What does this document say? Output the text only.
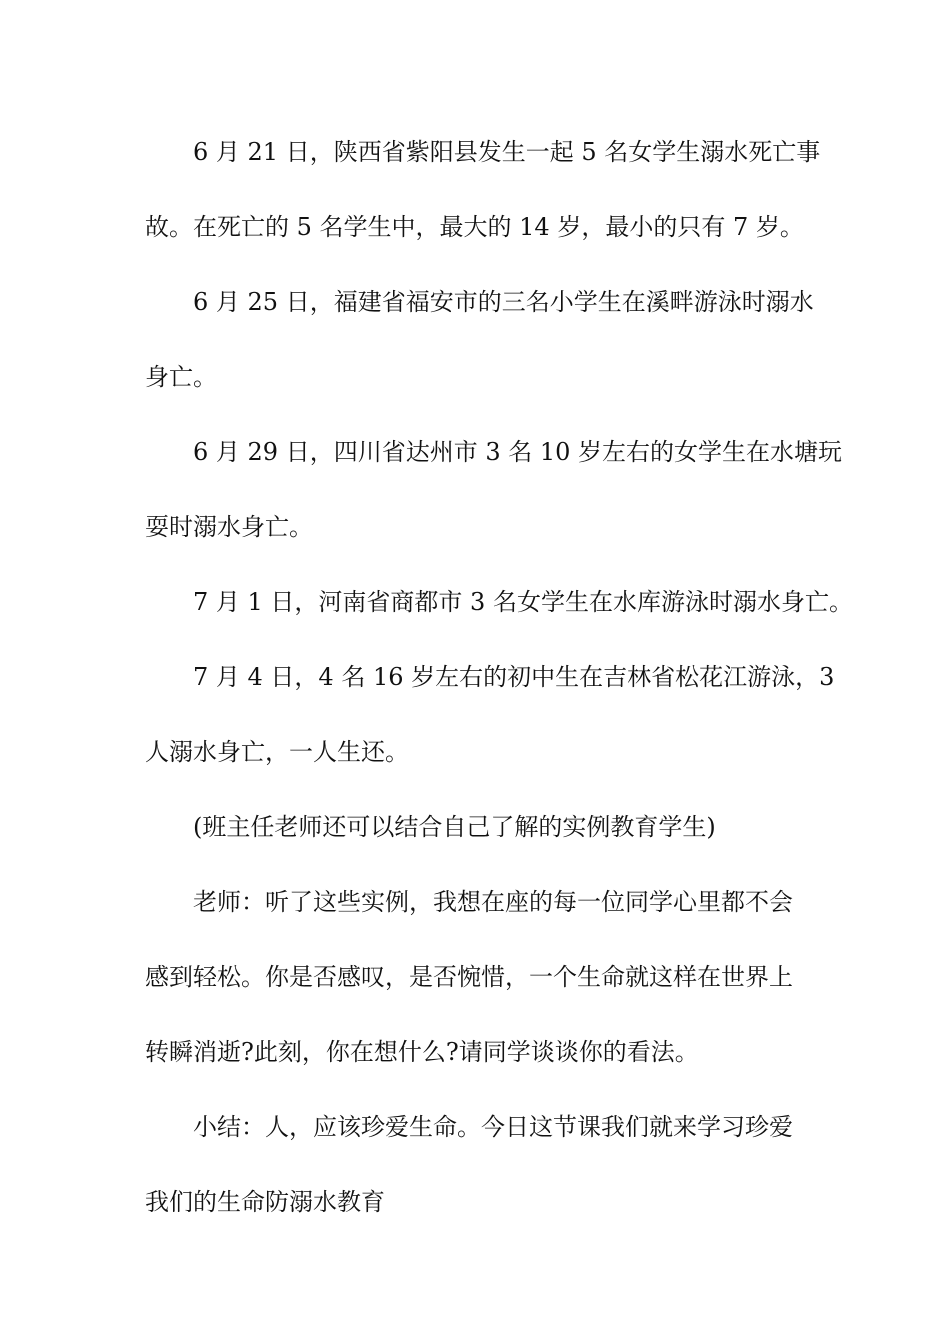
6 月 21 日，陕西省紫阳县发生一起 5 名女学生溺水死亡事
故。在死亡的 5 名学生中，最大的 14 岁，最小的只有 7 岁。
6 月 25 日，福建省福安市的三名小学生在溪畔游泳时溺水
身亡。
6 月 29 日，四川省达州市 3 名 10 岁左右的女学生在水塘玩
耍时溺水身亡。
7 月 1 日，河南省商都市 3 名女学生在水库游泳时溺水身亡。
7 月 4 日，4 名 16 岁左右的初中生在吉林省松花江游泳，3
人溺水身亡，一人生还。
(班主任老师还可以结合自己了解的实例教育学生)
老师：听了这些实例，我想在座的每一位同学心里都不会
感到轻松。你是否感叹，是否惋惜，一个生命就这样在世界上
转瞬消逝?此刻，你在想什么?请同学谈谈你的看法。
小结：人，应该珍爱生命。今日这节课我们就来学习珍爱
我们的生命防溺水教育
